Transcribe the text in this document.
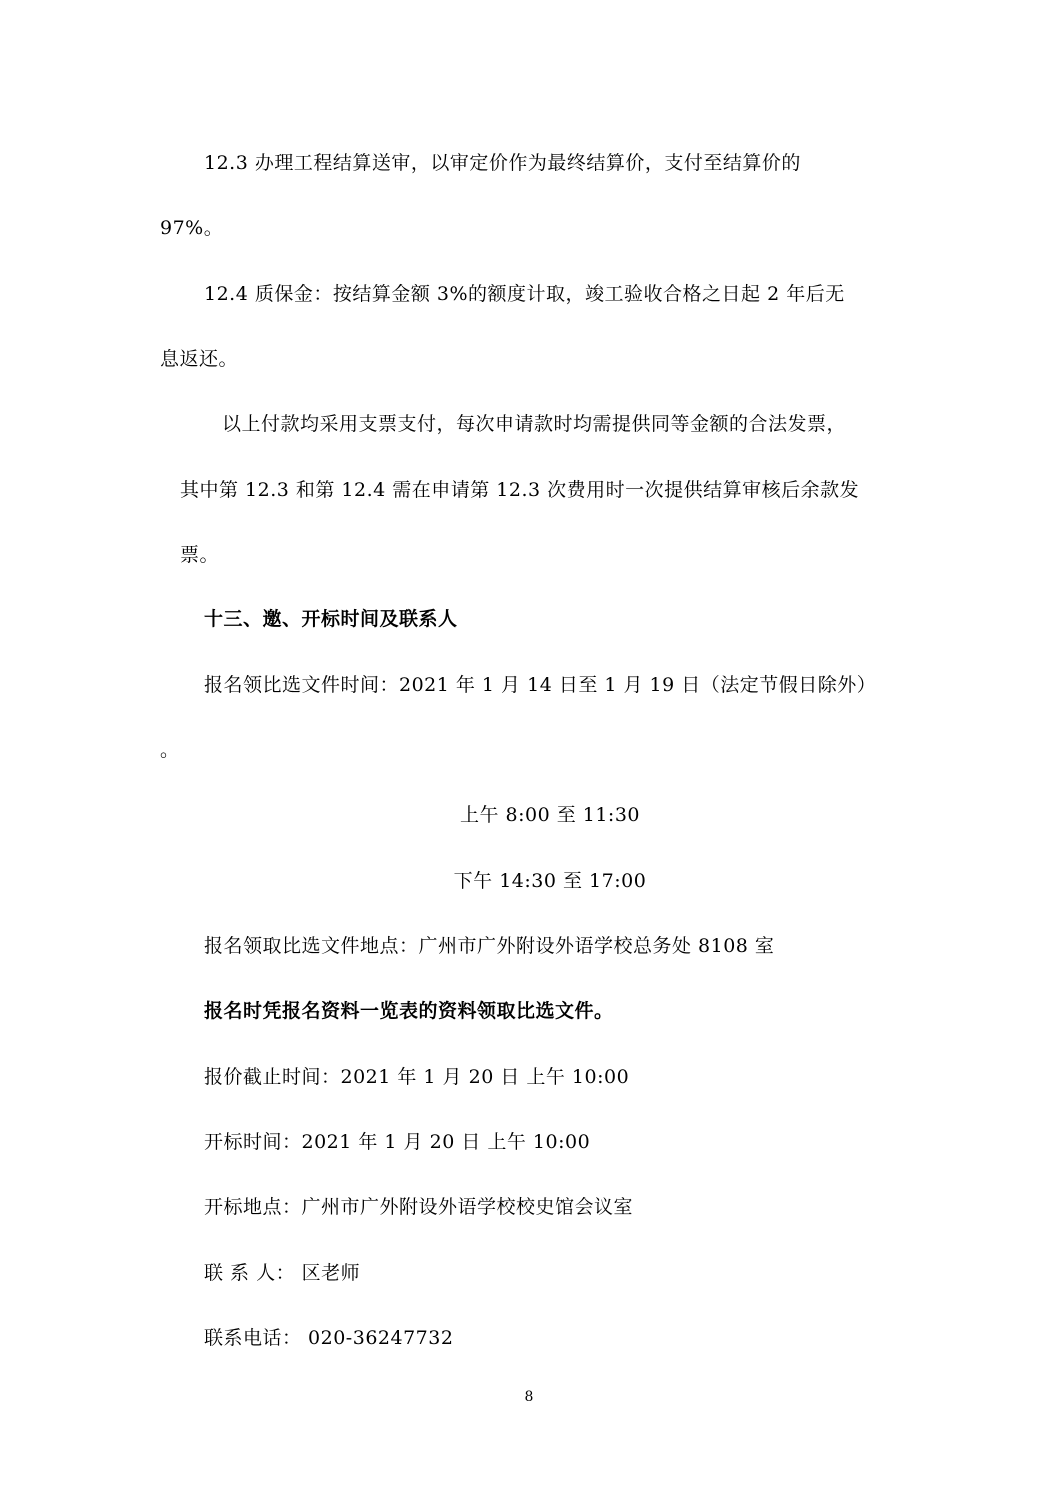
12.3 办理工程结算送审，以审定价作为最终结算价，支付至结算价的
97%。
12.4 质保金：按结算金额 3%的额度计取，竣工验收合格之日起 2 年后无
息返还。
以上付款均采用支票支付，每次申请款时均需提供同等金额的合法发票，
其中第 12.3 和第 12.4 需在申请第 12.3 次费用时一次提供结算审核后余款发
票。
十三、邀、开标时间及联系人
报名领比选文件时间：2021 年 1 月 14 日至 1 月 19 日（法定节假日除外）
。
上午 8:00 至 11:30
下午 14:30 至 17:00
报名领取比选文件地点：广州市广外附设外语学校总务处 8108 室
报名时凭报名资料一览表的资料领取比选文件。
报价截止时间：2021 年 1 月 20 日 上午 10:00
开标时间：2021 年 1 月 20 日 上午 10:00
开标地点：广州市广外附设外语学校校史馆会议室
联 系 人： 区老师
联系电话： 020-36247732
8
